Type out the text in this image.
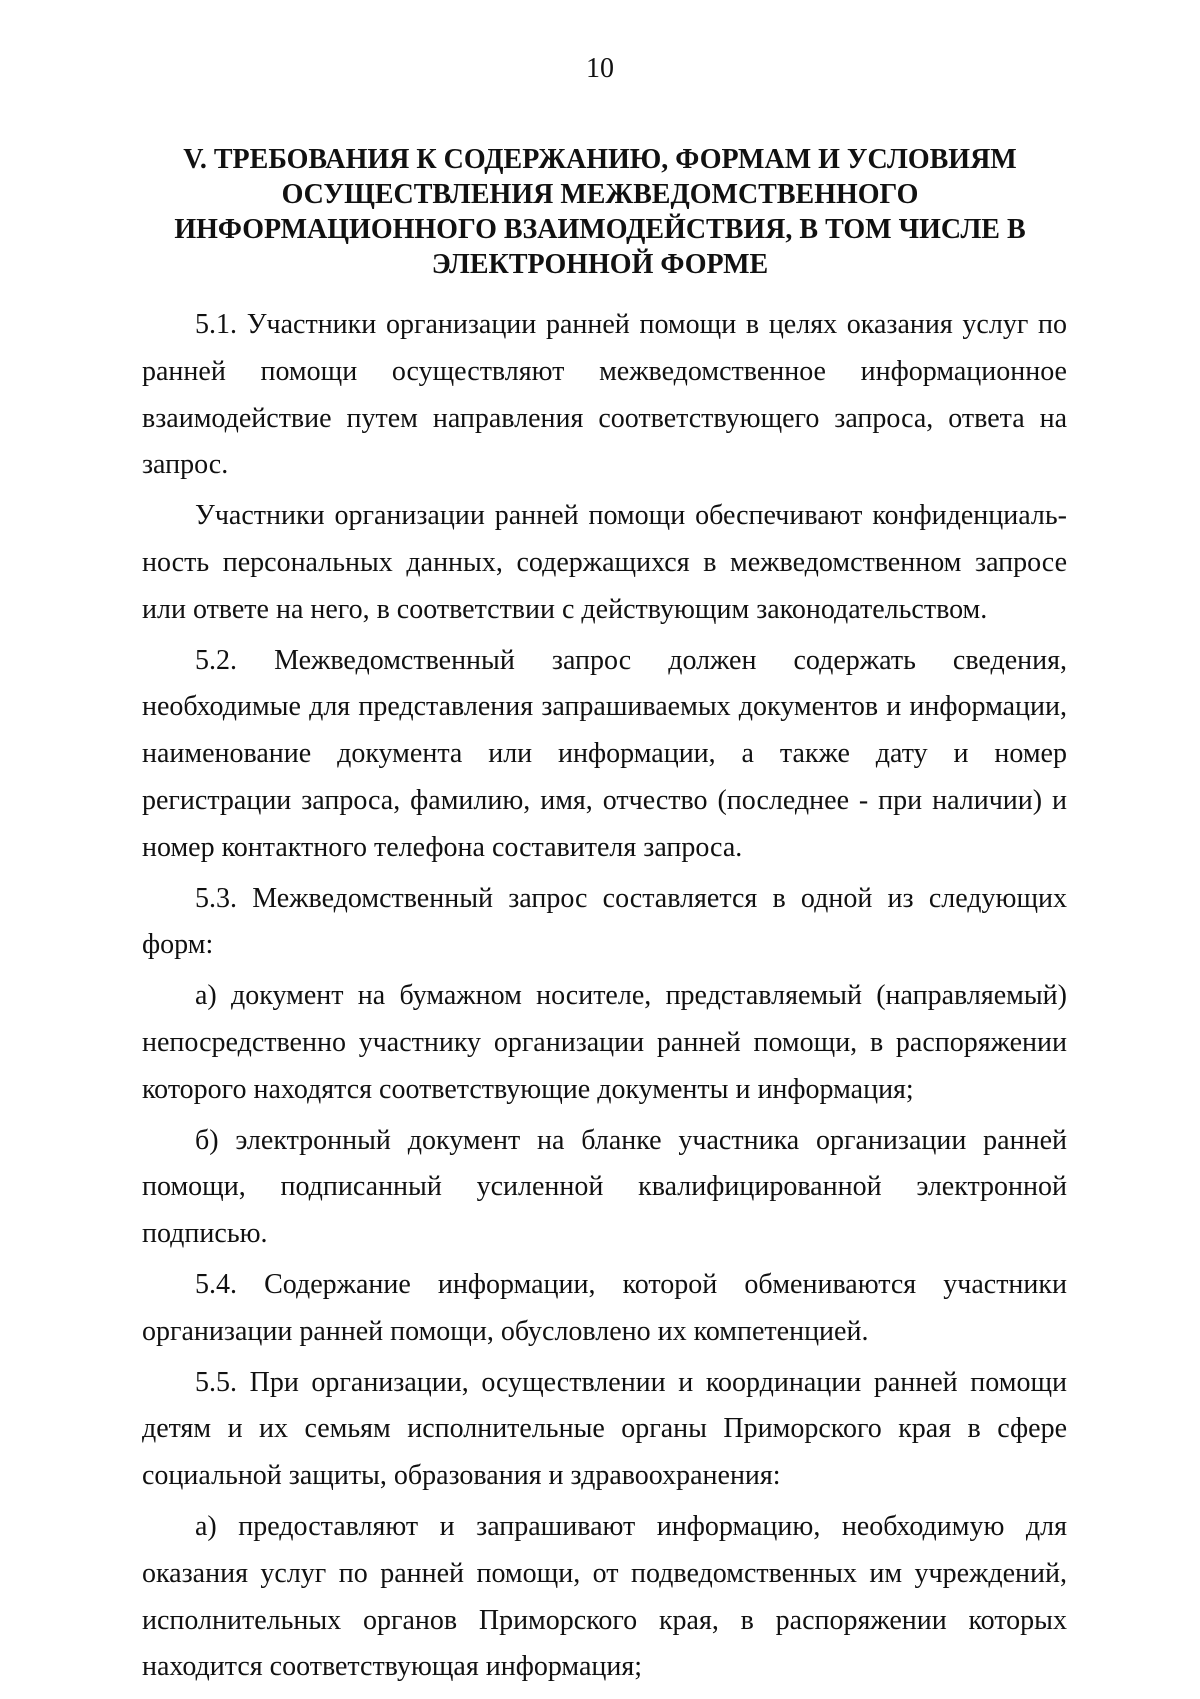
10
V. ТРЕБОВАНИЯ К СОДЕРЖАНИЮ, ФОРМАМ И УСЛОВИЯМ
ОСУЩЕСТВЛЕНИЯ МЕЖВЕДОМСТВЕННОГО
ИНФОРМАЦИОННОГО ВЗАИМОДЕЙСТВИЯ, В ТОМ ЧИСЛЕ В
ЭЛЕКТРОННОЙ ФОРМЕ

5.1. Участники организации ранней помощи в целях оказания услуг по ранней помощи осуществляют межведомственное информационное взаимодействие путем направления соответствующего запроса, ответа на запрос.

Участники организации ранней помощи обеспечивают конфиденциальность персональных данных, содержащихся в межведомственном запросе или ответе на него, в соответствии с действующим законодательством.

5.2. Межведомственный запрос должен содержать сведения, необходимые для представления запрашиваемых документов и информации, наименование документа или информации, а также дату и номер регистрации запроса, фамилию, имя, отчество (последнее - при наличии) и номер контактного телефона составителя запроса.

5.3. Межведомственный запрос составляется в одной из следующих форм:

а) документ на бумажном носителе, представляемый (направляемый) непосредственно участнику организации ранней помощи, в распоряжении которого находятся соответствующие документы и информация;

б) электронный документ на бланке участника организации ранней помощи, подписанный усиленной квалифицированной электронной подписью.

5.4. Содержание информации, которой обмениваются участники организации ранней помощи, обусловлено их компетенцией.

5.5. При организации, осуществлении и координации ранней помощи детям и их семьям исполнительные органы Приморского края в сфере социальной защиты, образования и здравоохранения:

а) предоставляют и запрашивают информацию, необходимую для оказания услуг по ранней помощи, от подведомственных им учреждений, исполнительных органов Приморского края, в распоряжении которых находится соответствующая информация;
